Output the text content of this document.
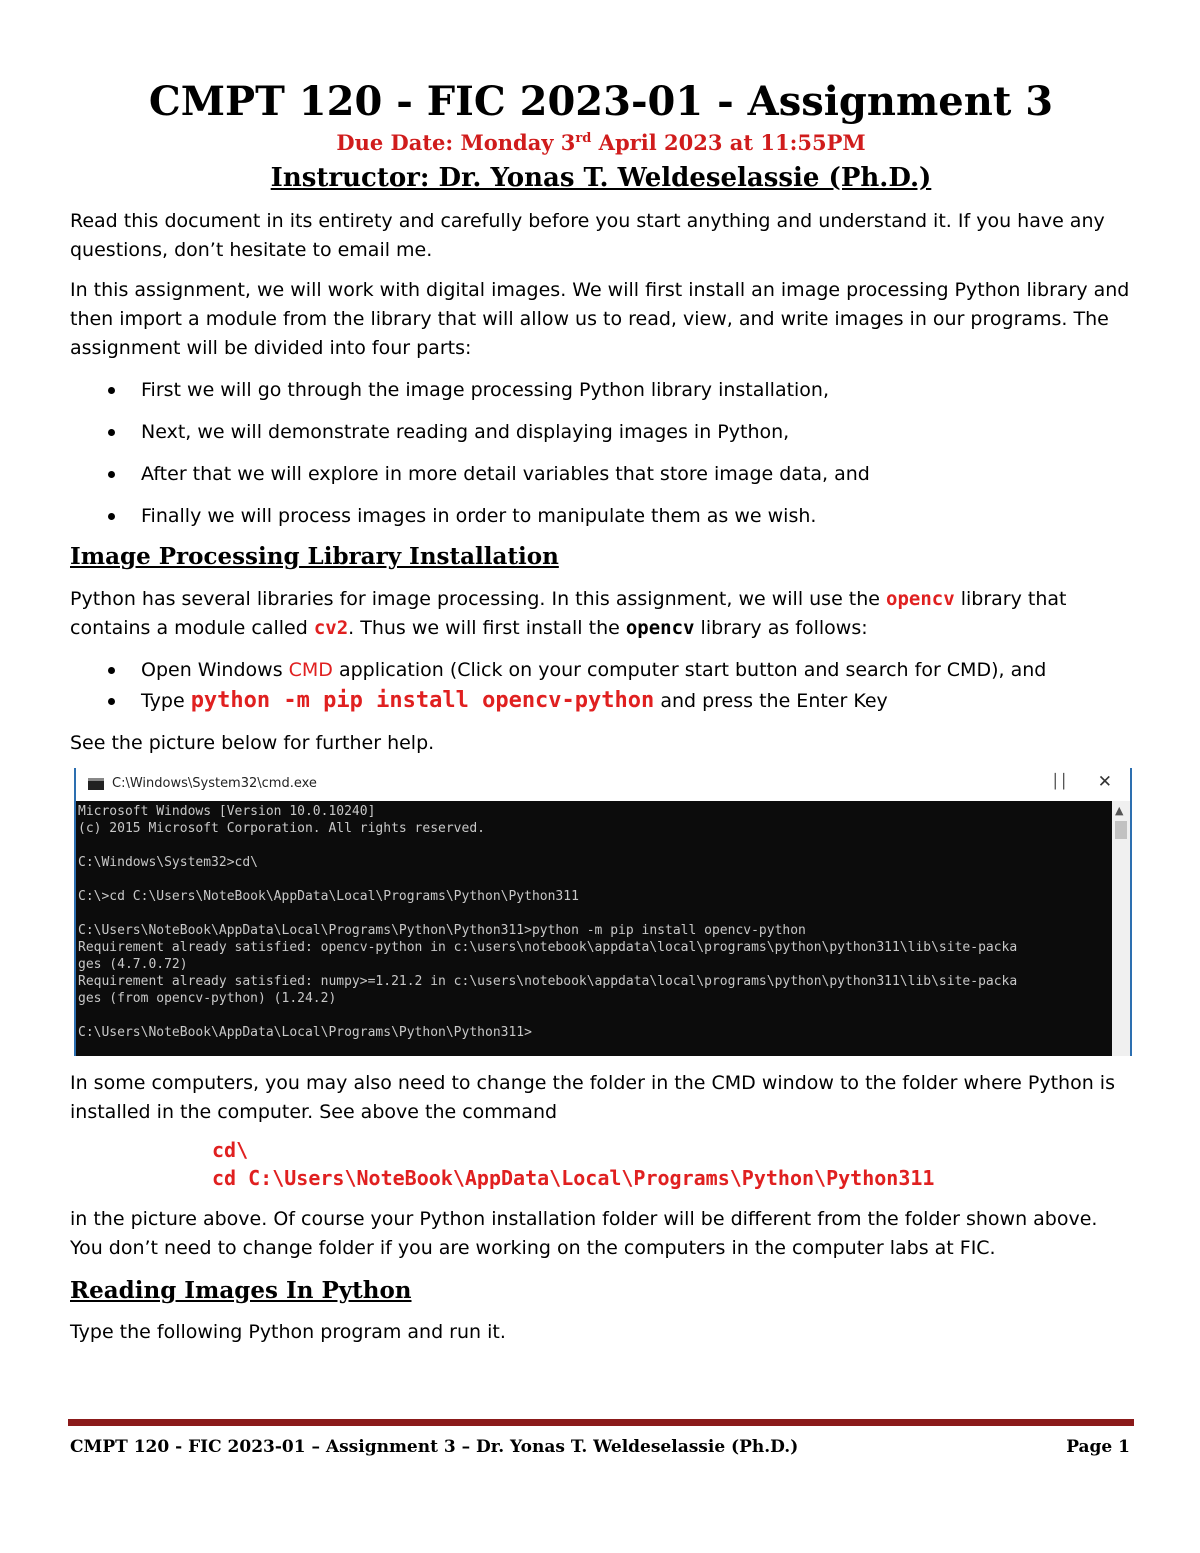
CMPT 120 - FIC 2023-01 - Assignment 3
Due Date: Monday 3rd April 2023 at 11:55PM
Instructor: Dr. Yonas T. Weldeselassie (Ph.D.)
Read this document in its entirety and carefully before you start anything and understand it. If you have any
questions, don’t hesitate to email me.
In this assignment, we will work with digital images. We will first install an image processing Python library and
then import a module from the library that will allow us to read, view, and write images in our programs. The
assignment will be divided into four parts:
First we will go through the image processing Python library installation,
Next, we will demonstrate reading and displaying images in Python,
After that we will explore in more detail variables that store image data, and
Finally we will process images in order to manipulate them as we wish.
Image Processing Library Installation
Python has several libraries for image processing. In this assignment, we will use the opencv library that
contains a module called cv2. Thus we will first install the opencv library as follows:
Open Windows CMD application (Click on your computer start button and search for CMD), and
Type python -m pip install opencv-python and press the Enter Key
See the picture below for further help.
C:\Windows\System32\cmd.exe	││ ✕
Microsoft Windows [Version 10.0.10240]
(c) 2015 Microsoft Corporation. All rights reserved.
C:\Windows\System32>cd\
C:\>cd C:\Users\NoteBook\AppData\Local\Programs\Python\Python311
C:\Users\NoteBook\AppData\Local\Programs\Python\Python311>python -m pip install opencv-python
Requirement already satisfied: opencv-python in c:\users\notebook\appdata\local\programs\python\python311\lib\site-packa
ges (4.7.0.72)
Requirement already satisfied: numpy>=1.21.2 in c:\users\notebook\appdata\local\programs\python\python311\lib\site-packa
ges (from opencv-python) (1.24.2)
C:\Users\NoteBook\AppData\Local\Programs\Python\Python311>
▲
In some computers, you may also need to change the folder in the CMD window to the folder where Python is
installed in the computer. See above the command
cd\
cd C:\Users\NoteBook\AppData\Local\Programs\Python\Python311
in the picture above. Of course your Python installation folder will be different from the folder shown above.
You don’t need to change folder if you are working on the computers in the computer labs at FIC.
Reading Images In Python
Type the following Python program and run it.
CMPT 120 - FIC 2023-01 – Assignment 3 – Dr. Yonas T. Weldeselassie (Ph.D.)	Page 1
